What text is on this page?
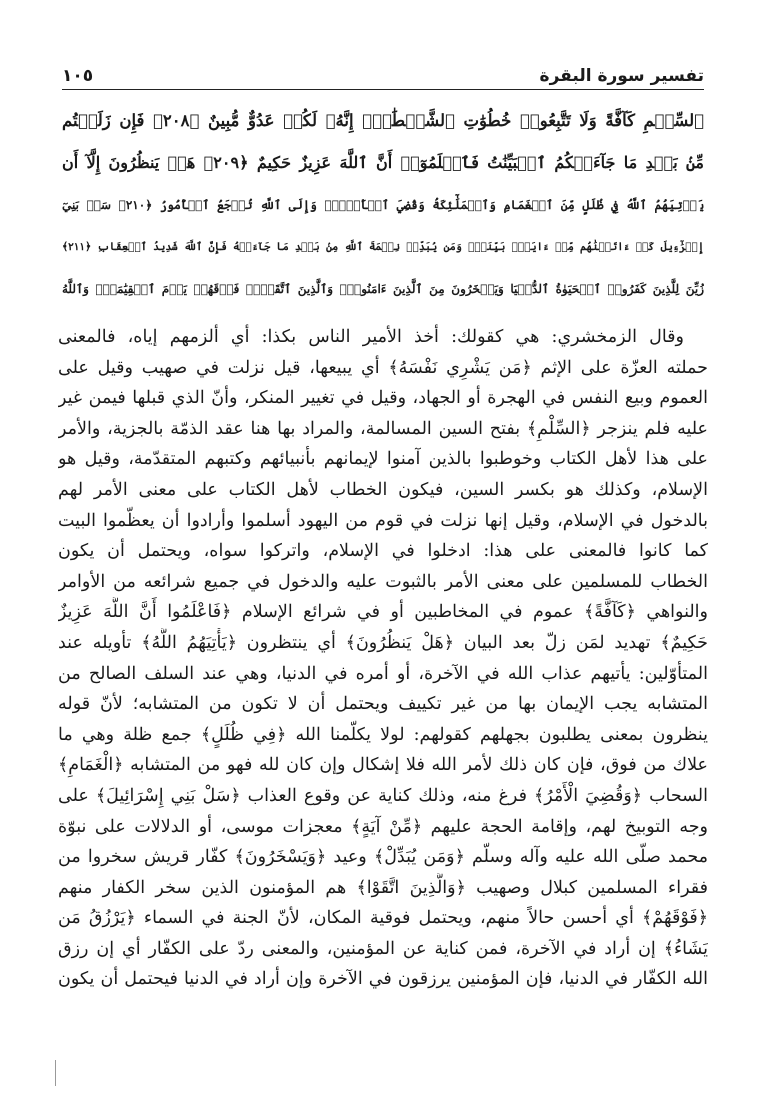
١٠٥	تفسير سورة البقرة
ٱلسِّلۡمِ كَآفَّةً وَلَا تَتَّبِعُوا۟ خُطُوَٰتِ ٱلشَّيۡطَٰنِۚ إِنَّهُۥ لَكُمۡ عَدُوٌّ مُّبِينٌ ﴿٢٠٨﴾ فَإِن زَلَلۡتُم
مِّنۢ بَعۡدِ مَا جَآءَتۡكُمُ ٱلۡبَيِّنَٰتُ فَٱعۡلَمُوٓا۟ أَنَّ ٱللَّهَ عَزِيزٌ حَكِيمٌ ﴿٢٠٩﴾ هَلۡ يَنظُرُونَ إِلَّآ أَن
يَأۡتِيَهُمُ ٱللَّهُ فِي ظُلَلٍ مِّنَ ٱلۡغَمَامِ وَٱلۡمَلَٰٓئِكَةُ وَقُضِيَ ٱلۡأَمۡرُۚ وَإِلَى ٱللَّهِ تُرۡجَعُ ٱلۡأُمُورُ ﴿٢١٠﴾ سَلۡ بَنِيٓ
إِسۡرَٰٓءِيلَ كَمۡ ءَاتَيۡنَٰهُم مِّنۡ ءَايَةِۭ بَيِّنَةٖۗ وَمَن يُبَدِّلۡ نِعۡمَةَ ٱللَّهِ مِنۢ بَعۡدِ مَا جَآءَتۡهُ فَإِنَّ ٱللَّهَ شَدِيدُ ٱلۡعِقَابِ ﴿٢١١﴾
زُيِّنَ لِلَّذِينَ كَفَرُوا۟ ٱلۡحَيَوٰةُ ٱلدُّنۡيَا وَيَسۡخَرُونَ مِنَ ٱلَّذِينَ ءَامَنُوا۟ۘ وَٱلَّذِينَ ٱتَّقَوۡا۟ فَوۡقَهُمۡ يَوۡمَ ٱلۡقِيَٰمَةِۗ وَٱللَّهُ
وقال الزمخشري: هي كقولك: أخذ الأمير الناس بكذا: أي ألزمهم إياه، فالمعنى
حملته العزّة على الإثم ﴿مَن يَشْرِي نَفْسَهُ﴾ أي يبيعها، قيل نزلت في صهيب وقيل على
العموم وبيع النفس في الهجرة أو الجهاد، وقيل في تغيير المنكر، وأنّ الذي قبلها فيمن غير
عليه فلم ينزجر ﴿السِّلْمِ﴾ بفتح السين المسالمة، والمراد بها هنا عقد الذمّة بالجزية، والأمر
على هذا لأهل الكتاب وخوطبوا بالذين آمنوا لإيمانهم بأنبيائهم وكتبهم المتقدّمة، وقيل هو
الإسلام، وكذلك هو بكسر السين، فيكون الخطاب لأهل الكتاب على معنى الأمر لهم
بالدخول في الإسلام، وقيل إنها نزلت في قوم من اليهود أسلموا وأرادوا أن يعظّموا البيت
كما كانوا فالمعنى على هذا: ادخلوا في الإسلام، واتركوا سواه، ويحتمل أن يكون
الخطاب للمسلمين على معنى الأمر بالثبوت عليه والدخول في جميع شرائعه من الأوامر
والنواهي ﴿كَآفَّةً﴾ عموم في المخاطبين أو في شرائع الإسلام ﴿فَاعْلَمُوا أَنَّ اللَّهَ عَزِيزٌ
حَكِيمٌ﴾ تهديد لمَن زلّ بعد البيان ﴿هَلْ يَنظُرُونَ﴾ أي ينتظرون ﴿يَأْتِيَهُمُ اللَّهُ﴾ تأويله عند
المتأوّلين: يأتيهم عذاب الله في الآخرة، أو أمره في الدنيا، وهي عند السلف الصالح من
المتشابه يجب الإيمان بها من غير تكييف ويحتمل أن لا تكون من المتشابه؛ لأنّ قوله
ينظرون بمعنى يطلبون بجهلهم كقولهم: لولا يكلّمنا الله ﴿فِي ظُلَلٍ﴾ جمع ظلة وهي ما
علاك من فوق، فإن كان ذلك لأمر الله فلا إشكال وإن كان لله فهو من المتشابه ﴿الْغَمَامِ﴾
السحاب ﴿وَقُضِيَ الْأَمْرُ﴾ فرغ منه، وذلك كناية عن وقوع العذاب ﴿سَلْ بَنِي إِسْرَائِيلَ﴾ على
وجه التوبيخ لهم، وإقامة الحجة عليهم ﴿مِّنْ آيَةٍ﴾ معجزات موسى، أو الدلالات على نبوّة
محمد صلّى الله عليه وآله وسلّم ﴿وَمَن يُبَدِّلْ﴾ وعيد ﴿وَيَسْخَرُونَ﴾ كفّار قريش سخروا من
فقراء المسلمين كبلال وصهيب ﴿وَالَّذِينَ اتَّقَوْا﴾ هم المؤمنون الذين سخر الكفار منهم
﴿فَوْقَهُمْ﴾ أي أحسن حالاً منهم، ويحتمل فوقية المكان، لأنّ الجنة في السماء ﴿يَرْزُقُ مَن
يَشَاءُ﴾ إن أراد في الآخرة، فمن كناية عن المؤمنين، والمعنى ردّ على الكفّار أي إن رزق
الله الكفّار في الدنيا، فإن المؤمنين يرزقون في الآخرة وإن أراد في الدنيا فيحتمل أن يكون
